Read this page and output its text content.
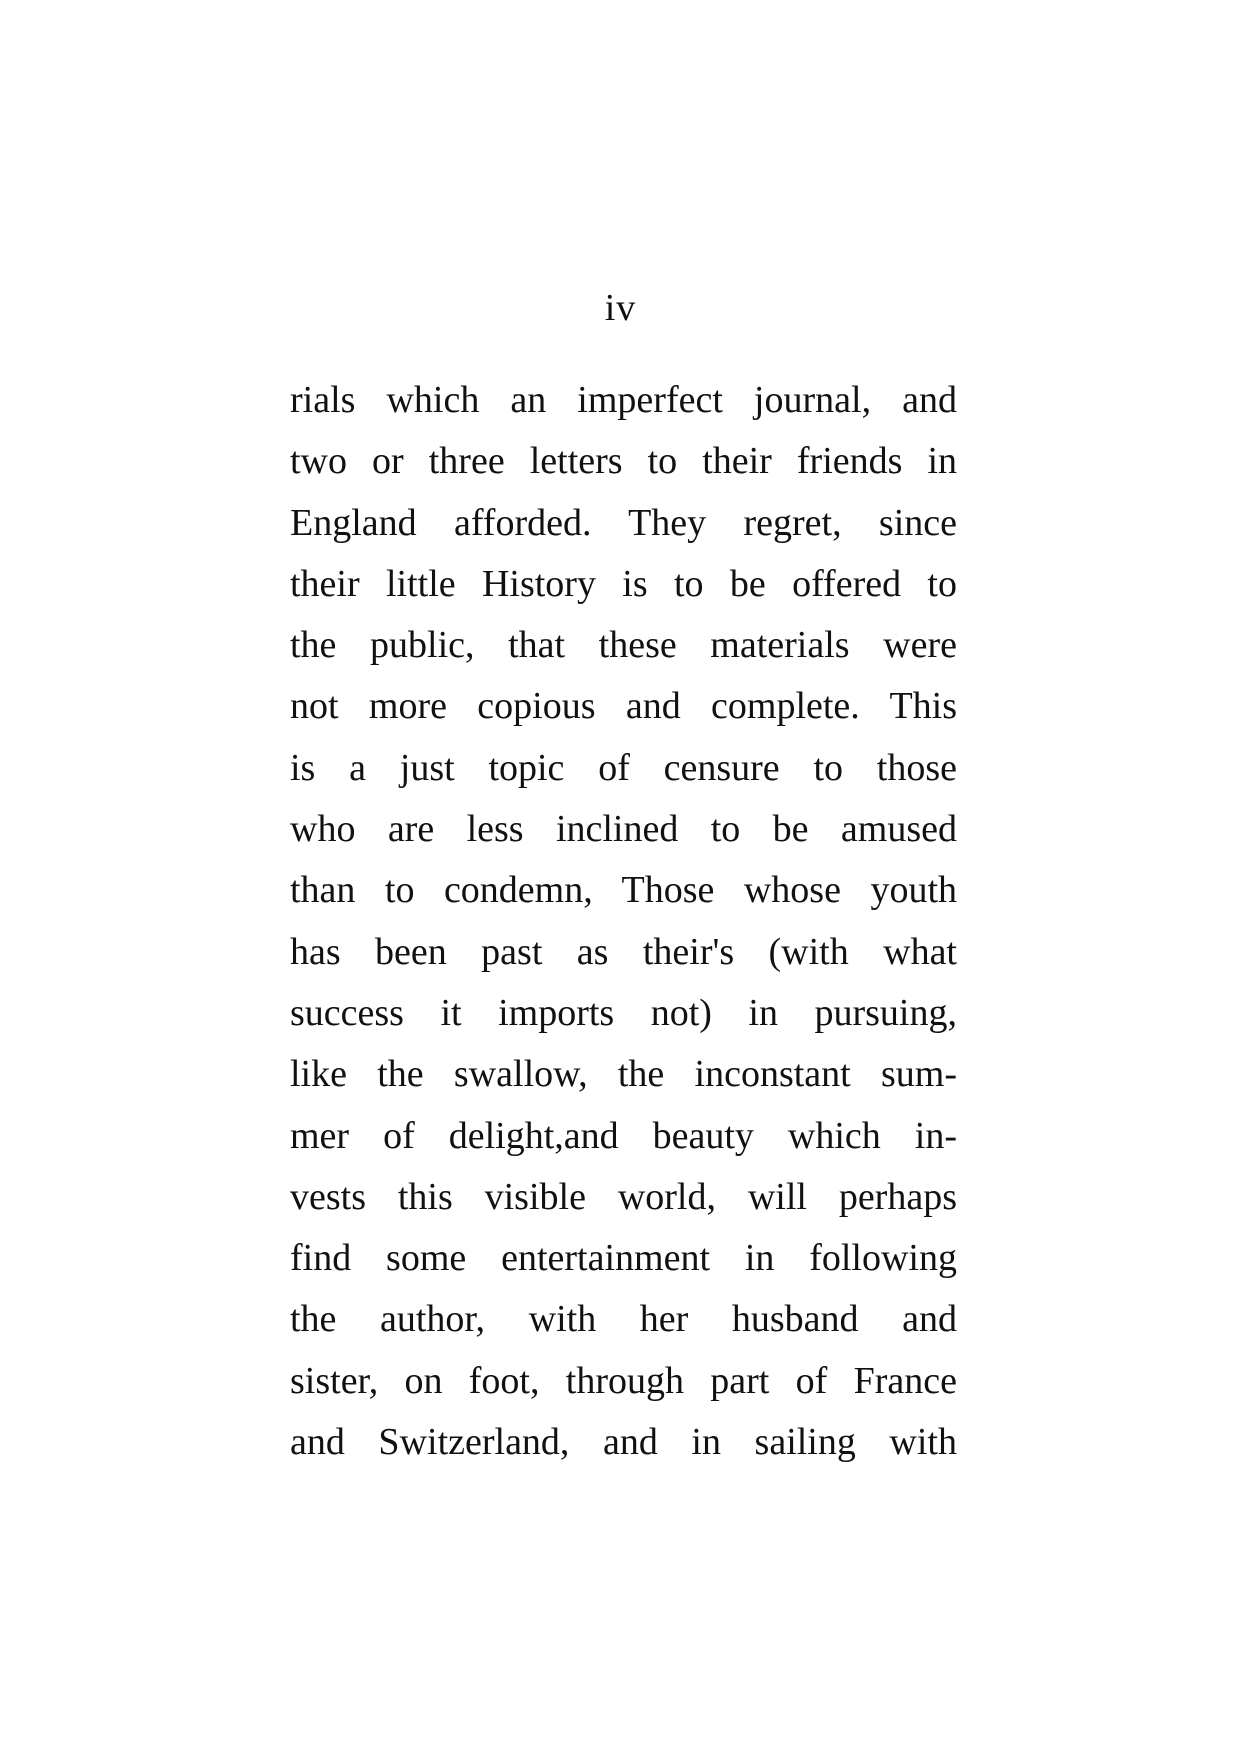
iv
rials which an imperfect journal, and
two or three letters to their friends in
England afforded. They regret, since
their little History is to be offered to
the public, that these materials were
not more copious and complete. This
is a just topic of censure to those
who are less inclined to be amused
than to condemn, Those whose youth
has been past as their's (with what
success it imports not) in pursuing,
like the swallow, the inconstant sum-
mer of delight,and beauty which in-
vests this visible world, will perhaps
find some entertainment in following
the author, with her husband and
sister, on foot, through part of France
and Switzerland, and in sailing with
